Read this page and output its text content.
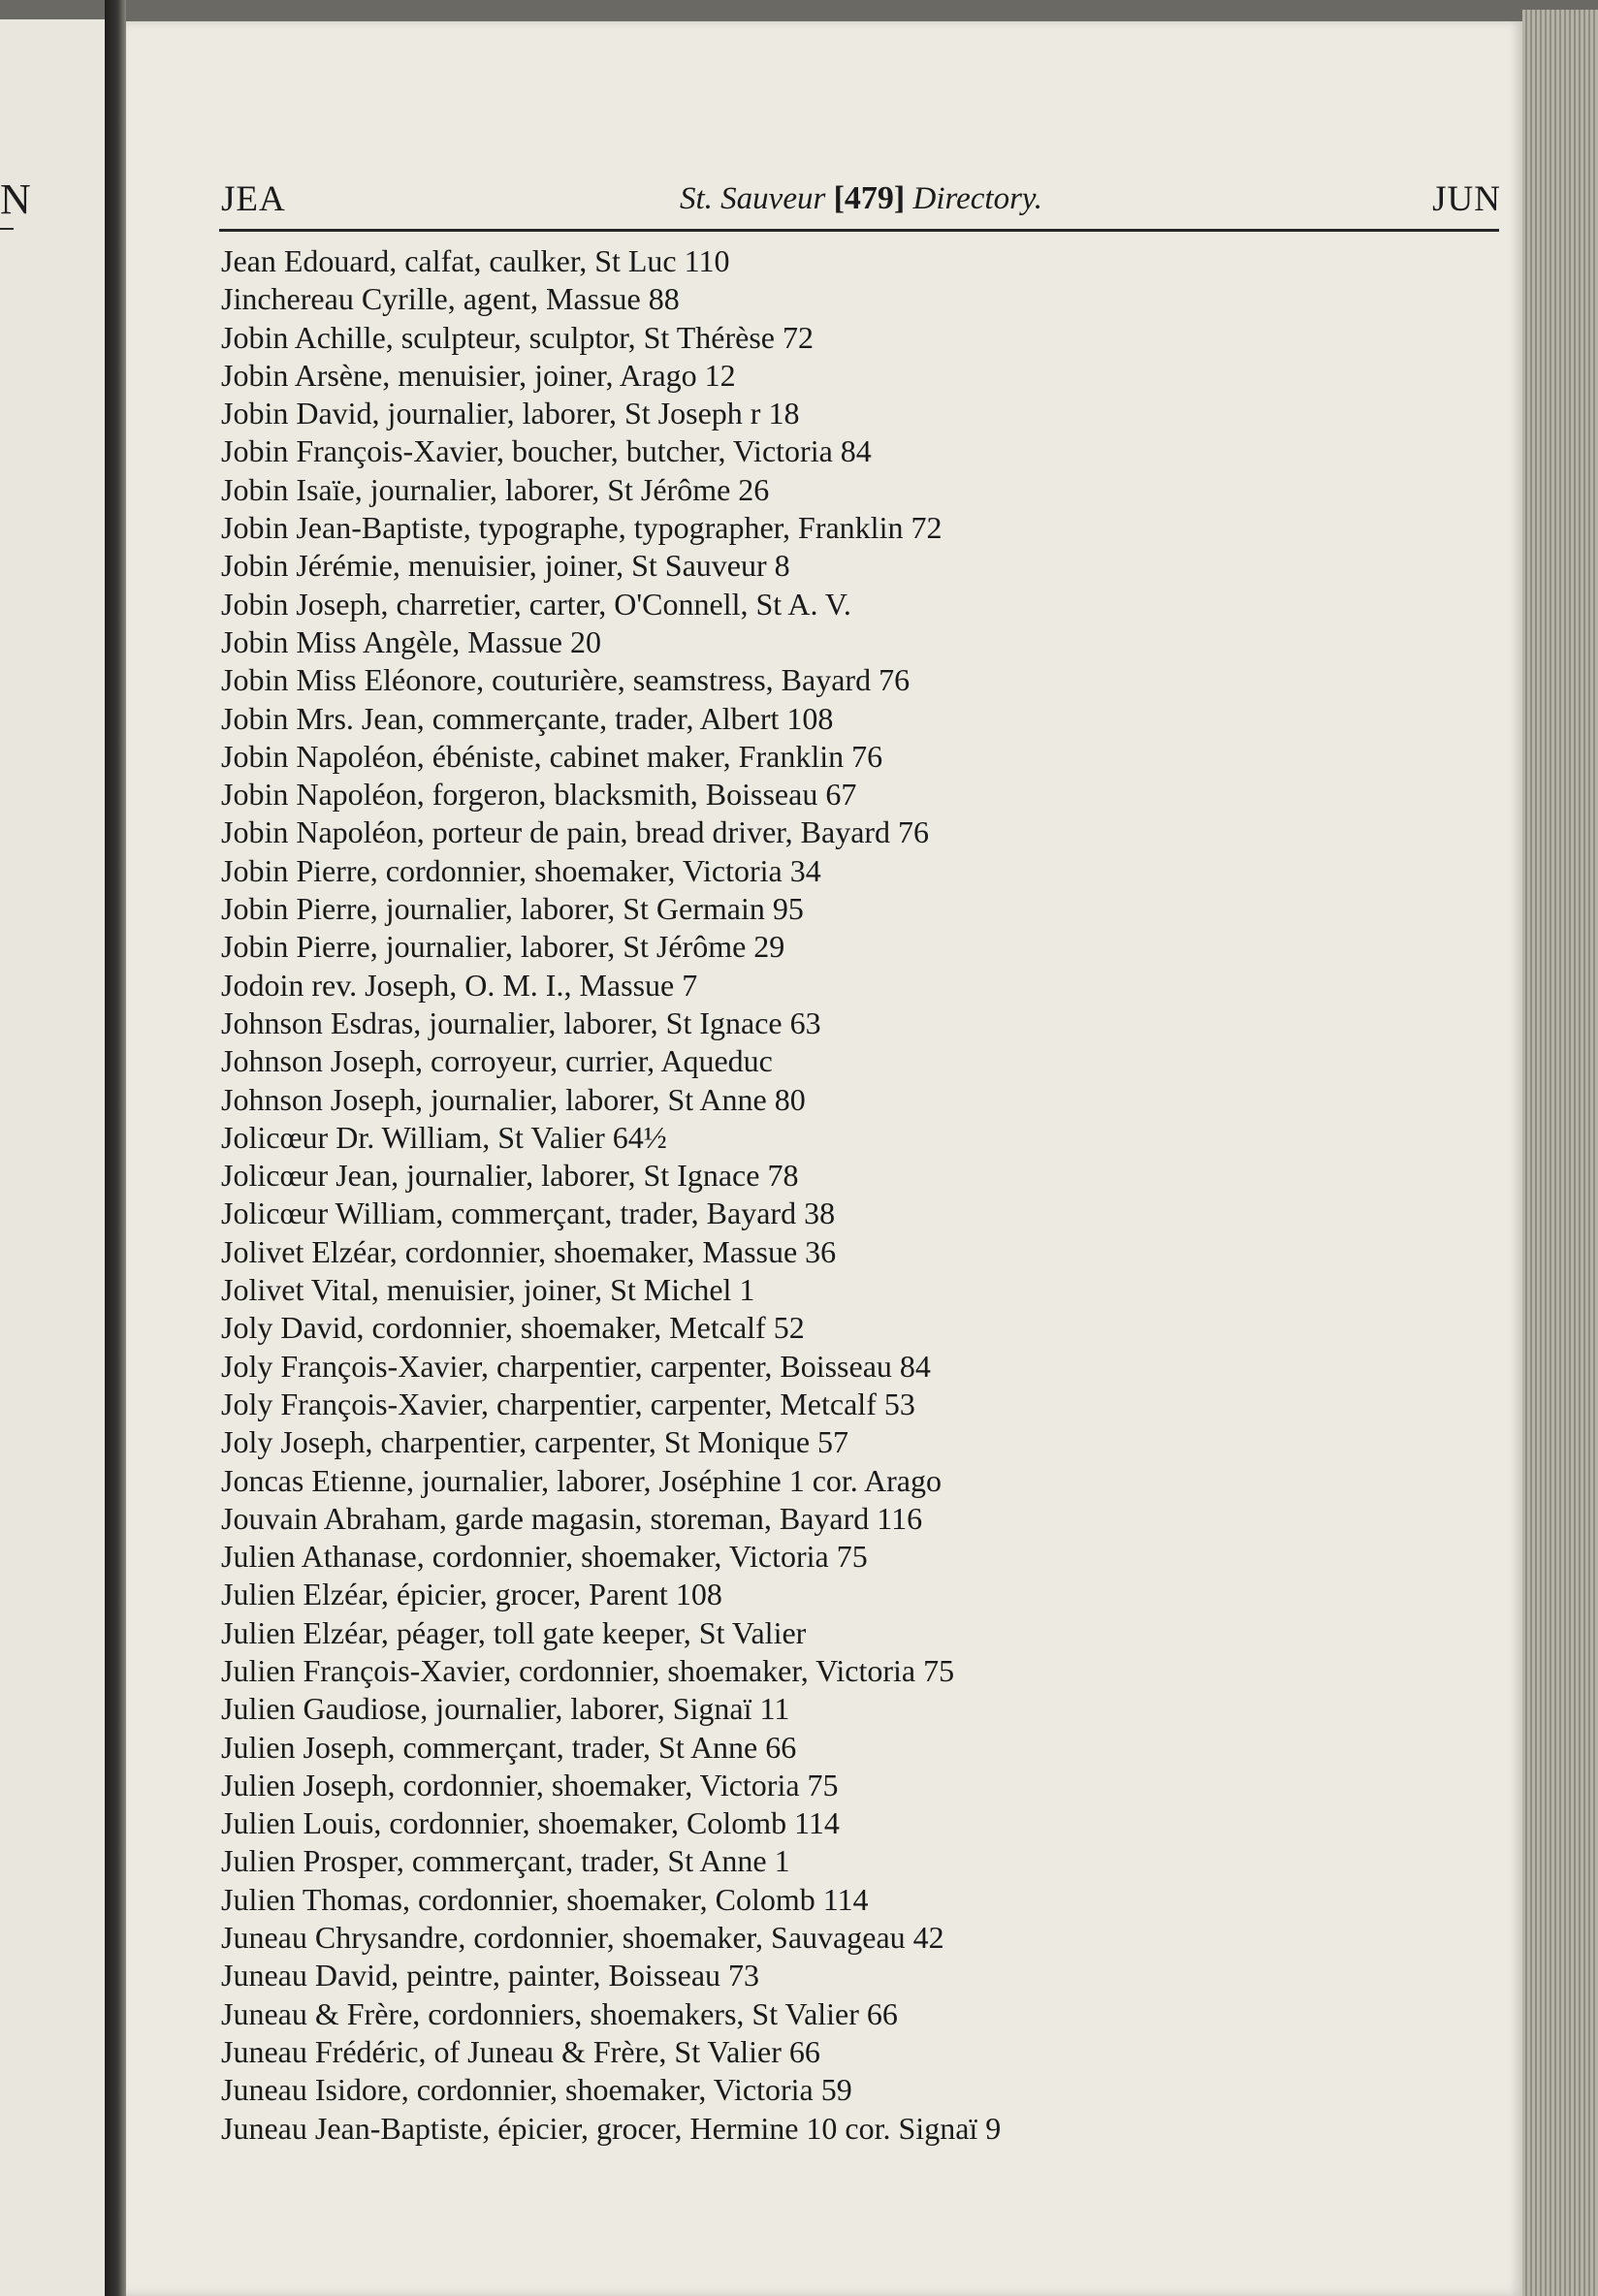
N	JEA	St. Sauveur [479] Directory.	JUN
Jean Edouard, calfat, caulker, St Luc 110
Jinchereau Cyrille, agent, Massue 88
Jobin Achille, sculpteur, sculptor, St Thérèse 72
Jobin Arsène, menuisier, joiner, Arago 12
Jobin David, journalier, laborer, St Joseph r 18
Jobin François-Xavier, boucher, butcher, Victoria 84
Jobin Isaïe, journalier, laborer, St Jérôme 26
Jobin Jean-Baptiste, typographe, typographer, Franklin 72
Jobin Jérémie, menuisier, joiner, St Sauveur 8
Jobin Joseph, charretier, carter, O'Connell, St A. V.
Jobin Miss Angèle, Massue 20
Jobin Miss Eléonore, couturière, seamstress, Bayard 76
Jobin Mrs. Jean, commerçante, trader, Albert 108
Jobin Napoléon, ébéniste, cabinet maker, Franklin 76
Jobin Napoléon, forgeron, blacksmith, Boisseau 67
Jobin Napoléon, porteur de pain, bread driver, Bayard 76
Jobin Pierre, cordonnier, shoemaker, Victoria 34
Jobin Pierre, journalier, laborer, St Germain 95
Jobin Pierre, journalier, laborer, St Jérôme 29
Jodoin rev. Joseph, O. M. I., Massue 7
Johnson Esdras, journalier, laborer, St Ignace 63
Johnson Joseph, corroyeur, currier, Aqueduc
Johnson Joseph, journalier, laborer, St Anne 80
Jolicœur Dr. William, St Valier 64½
Jolicœur Jean, journalier, laborer, St Ignace 78
Jolicœur William, commerçant, trader, Bayard 38
Jolivet Elzéar, cordonnier, shoemaker, Massue 36
Jolivet Vital, menuisier, joiner, St Michel 1
Joly David, cordonnier, shoemaker, Metcalf 52
Joly François-Xavier, charpentier, carpenter, Boisseau 84
Joly François-Xavier, charpentier, carpenter, Metcalf 53
Joly Joseph, charpentier, carpenter, St Monique 57
Joncas Etienne, journalier, laborer, Joséphine 1 cor. Arago
Jouvain Abraham, garde magasin, storeman, Bayard 116
Julien Athanase, cordonnier, shoemaker, Victoria 75
Julien Elzéar, épicier, grocer, Parent 108
Julien Elzéar, péager, toll gate keeper, St Valier
Julien François-Xavier, cordonnier, shoemaker, Victoria 75
Julien Gaudiose, journalier, laborer, Signaï 11
Julien Joseph, commerçant, trader, St Anne 66
Julien Joseph, cordonnier, shoemaker, Victoria 75
Julien Louis, cordonnier, shoemaker, Colomb 114
Julien Prosper, commerçant, trader, St Anne 1
Julien Thomas, cordonnier, shoemaker, Colomb 114
Juneau Chrysandre, cordonnier, shoemaker, Sauvageau 42
Juneau David, peintre, painter, Boisseau 73
Juneau & Frère, cordonniers, shoemakers, St Valier 66
Juneau Frédéric, of Juneau & Frère, St Valier 66
Juneau Isidore, cordonnier, shoemaker, Victoria 59
Juneau Jean-Baptiste, épicier, grocer, Hermine 10 cor. Signaï 9
